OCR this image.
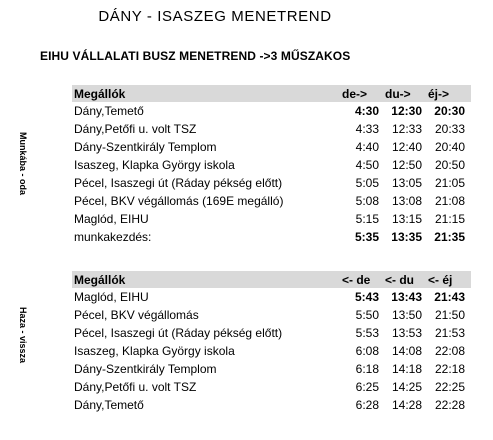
DÁNY - ISASZEG MENETREND
EIHU VÁLLALATI BUSZ MENETREND ->3 MŰSZAKOS
Munkába - oda
Haza - vissza
Megállók	de->	du->	éj->
Dány,Temető	4:30	12:30	20:30
Dány,Petőfi u. volt TSZ	4:33	12:33	20:33
Dány-Szentkirály Templom	4:40	12:40	20:40
Isaszeg, Klapka György iskola	4:50	12:50	20:50
Pécel, Isaszegi út (Ráday pékség előtt)	5:05	13:05	21:05
Pécel, BKV végállomás (169E megálló)	5:08	13:08	21:08
Maglód, EIHU	5:15	13:15	21:15
munkakezdés:	5:35	13:35	21:35
Megállók	<- de	<- du	<- éj
Maglód, EIHU	5:43	13:43	21:43
Pécel, BKV végállomás	5:50	13:50	21:50
Pécel, Isaszegi út (Ráday pékség előtt)	5:53	13:53	21:53
Isaszeg, Klapka György iskola	6:08	14:08	22:08
Dány-Szentkirály Templom	6:18	14:18	22:18
Dány,Petőfi u. volt TSZ	6:25	14:25	22:25
Dány,Temető	6:28	14:28	22:28
